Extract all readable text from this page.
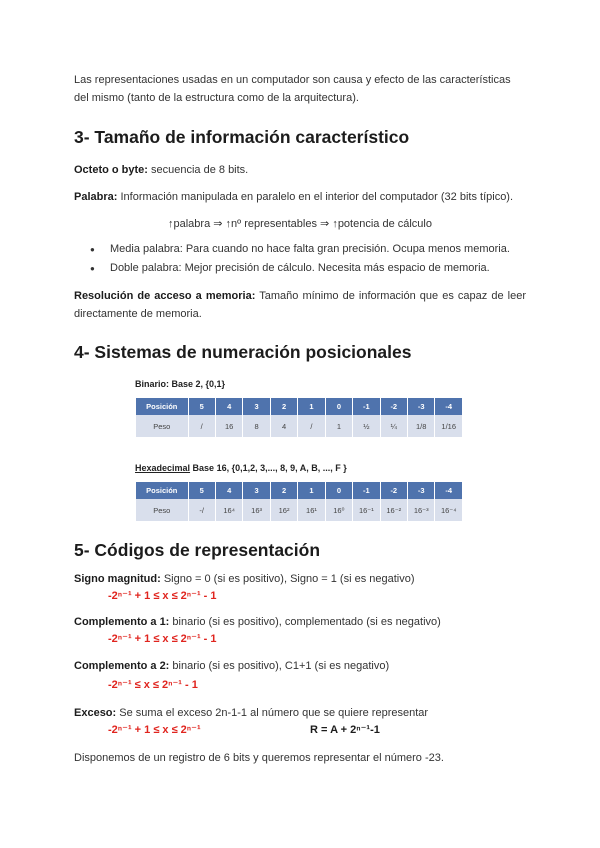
Las representaciones usadas en un computador son causa y efecto de las características del mismo (tanto de la estructura como de la arquitectura).

3- Tamaño de información característico

Octeto o byte: secuencia de 8 bits.

Palabra: Información manipulada en paralelo en el interior del computador (32 bits típico).

↑palabra ⇒ ↑nº representables ⇒ ↑potencia de cálculo

● Media palabra: Para cuando no hace falta gran precisión. Ocupa menos memoria.
● Doble palabra: Mejor precisión de cálculo. Necesita más espacio de memoria.

Resolución de acceso a memoria: Tamaño mínimo de información que es capaz de leer directamente de memoria.

4- Sistemas de numeración posicionales
Binario: Base 2, {0,1}
Posición	5	4	3	2	1	0	-1	-2	-3	-4
Peso	/	16	8	4	/	1	½	¼	1/8	1/16
Hexadecimal Base 16, {0,1,2, 3,..., 8, 9, A, B, ..., F }
Posición	5	4	3	2	1	0	-1	-2	-3	-4
Peso	-/	16⁴	16³	16²	16¹	16⁰	16⁻¹	16⁻²	16⁻³	16⁻⁴
5- Códigos de representación
Signo magnitud: Signo = 0 (si es positivo), Signo = 1 (si es negativo)
-2ⁿ⁻¹ + 1 ≤ x ≤ 2ⁿ⁻¹ - 1
Complemento a 1: binario (si es positivo), complementado (si es negativo)
-2ⁿ⁻¹ + 1 ≤ x ≤ 2ⁿ⁻¹ - 1
Complemento a 2: binario (si es positivo), C1+1 (si es negativo)
-2ⁿ⁻¹ ≤ x ≤ 2ⁿ⁻¹ - 1
Exceso: Se suma el exceso 2n-1-1 al número que se quiere representar
-2ⁿ⁻¹ + 1 ≤ x ≤ 2ⁿ⁻¹	R = A + 2ⁿ⁻¹-1

Disponemos de un registro de 6 bits y queremos representar el número -23.
